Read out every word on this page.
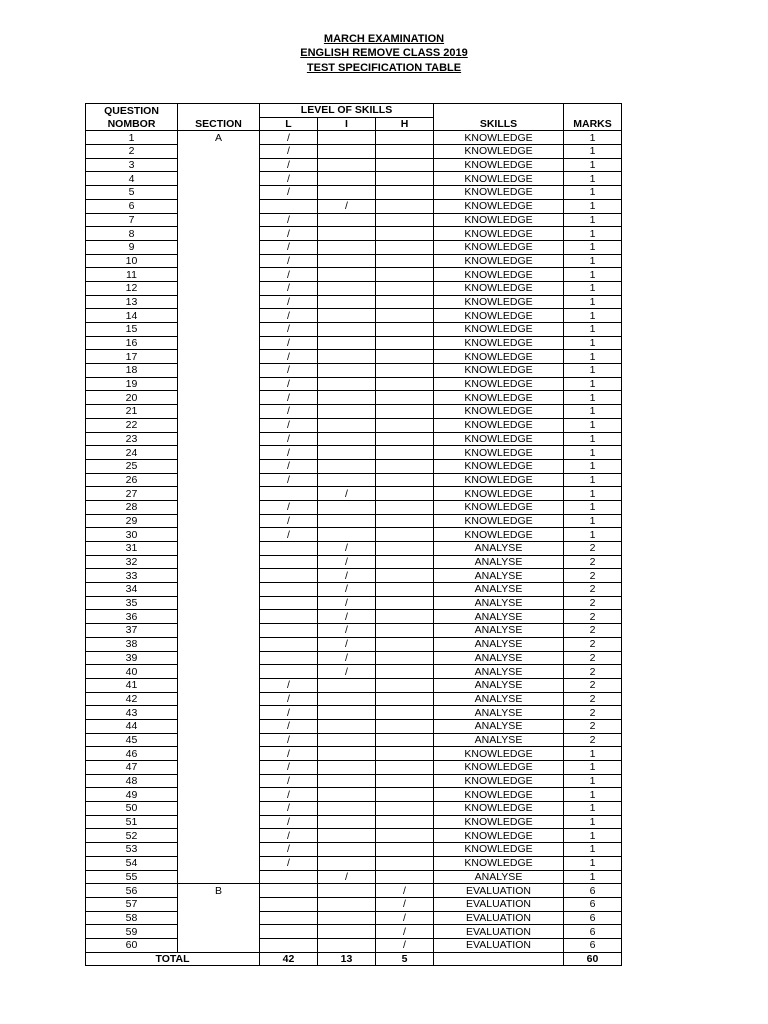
MARCH EXAMINATION
ENGLISH REMOVE CLASS 2019
TEST SPECIFICATION TABLE
QUESTION		LEVEL OF SKILLS				
NOMBOR	SECTION	L	I	H	SKILLS	MARKS
1	A	/			KNOWLEDGE	1
2		/			KNOWLEDGE	1
3		/			KNOWLEDGE	1
4		/			KNOWLEDGE	1
5		/			KNOWLEDGE	1
6			/		KNOWLEDGE	1
7		/			KNOWLEDGE	1
8		/			KNOWLEDGE	1
9		/			KNOWLEDGE	1
10		/			KNOWLEDGE	1
11		/			KNOWLEDGE	1
12		/			KNOWLEDGE	1
13		/			KNOWLEDGE	1
14		/			KNOWLEDGE	1
15		/			KNOWLEDGE	1
16		/			KNOWLEDGE	1
17		/			KNOWLEDGE	1
18		/			KNOWLEDGE	1
19		/			KNOWLEDGE	1
20		/			KNOWLEDGE	1
21		/			KNOWLEDGE	1
22		/			KNOWLEDGE	1
23		/			KNOWLEDGE	1
24		/			KNOWLEDGE	1
25		/			KNOWLEDGE	1
26		/			KNOWLEDGE	1
27			/		KNOWLEDGE	1
28		/			KNOWLEDGE	1
29		/			KNOWLEDGE	1
30		/			KNOWLEDGE	1
31			/		ANALYSE	2
32			/		ANALYSE	2
33			/		ANALYSE	2
34			/		ANALYSE	2
35			/		ANALYSE	2
36			/		ANALYSE	2
37			/		ANALYSE	2
38			/		ANALYSE	2
39			/		ANALYSE	2
40			/		ANALYSE	2
41		/			ANALYSE	2
42		/			ANALYSE	2
43		/			ANALYSE	2
44		/			ANALYSE	2
45		/			ANALYSE	2
46		/			KNOWLEDGE	1
47		/			KNOWLEDGE	1
48		/			KNOWLEDGE	1
49		/			KNOWLEDGE	1
50		/			KNOWLEDGE	1
51		/			KNOWLEDGE	1
52		/			KNOWLEDGE	1
53		/			KNOWLEDGE	1
54		/			KNOWLEDGE	1
55			/		ANALYSE	1
56	B			/	EVALUATION	6
57				/	EVALUATION	6
58				/	EVALUATION	6
59				/	EVALUATION	6
60				/	EVALUATION	6
TOTAL		42	13	5		60
